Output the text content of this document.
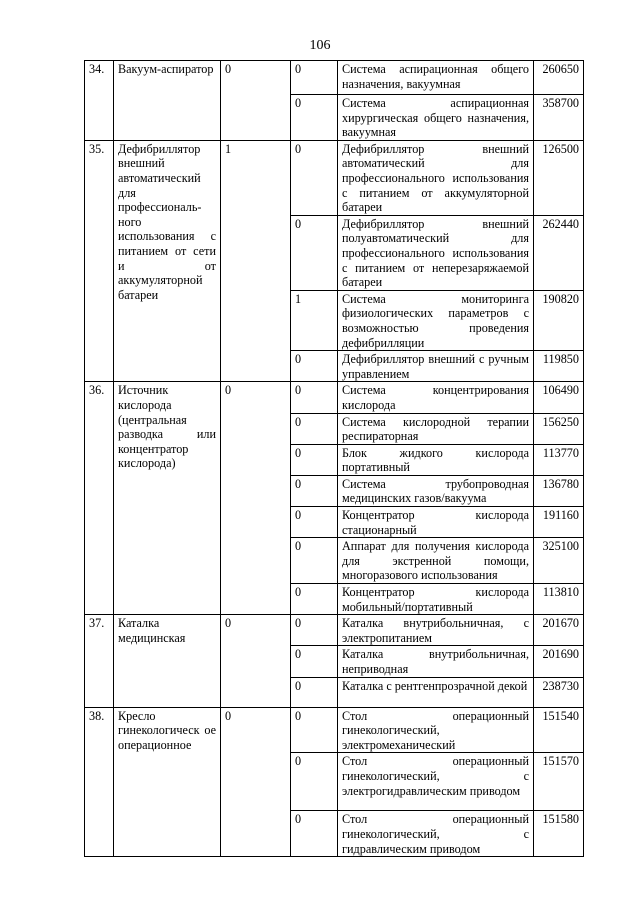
106
34.	Вакуум-аспиратор	0	0	Система аспирационная общего назначения, вакуумная	260650
			0	Система аспирационная хирургическая общего назначения, вакуумная	358700
35.	Дефибриллятор внешний автоматический для профессиональ-ного использования с питанием от сети и от аккумуляторной батареи	1	0	Дефибриллятор внешний автоматический для профессионального использования с питанием от аккумуляторной батареи	126500
			0	Дефибриллятор внешний полуавтоматический для профессионального использования с питанием от неперезаряжаемой батареи	262440
			1	Система мониторинга физиологических параметров с возможностью проведения дефибрилляции	190820
			0	Дефибриллятор внешний с ручным управлением	119850
36.	Источник кислорода (центральная разводка или концентратор кислорода)	0	0	Система концентрирования кислорода	106490
			0	Система кислородной терапии респираторная	156250
			0	Блок жидкого кислорода портативный	113770
			0	Система трубопроводная медицинских газов/вакуума	136780
			0	Концентратор кислорода стационарный	191160
			0	Аппарат для получения кислорода для экстренной помощи, многоразового использования	325100
			0	Концентратор кислорода мобильный/портативный	113810
37.	Каталка медицинская	0	0	Каталка внутрибольничная, с электропитанием	201670
			0	Каталка внутрибольничная, неприводная	201690
			0	Каталка с рентгенпрозрачной декой	238730
38.	Кресло гинекологическ ое операционное	0	0	Стол операционный гинекологический, электромеханический	151540
			0	Стол операционный гинекологический, с электрогидравлическим приводом	151570
			0	Стол операционный гинекологический, с гидравлическим приводом	151580
